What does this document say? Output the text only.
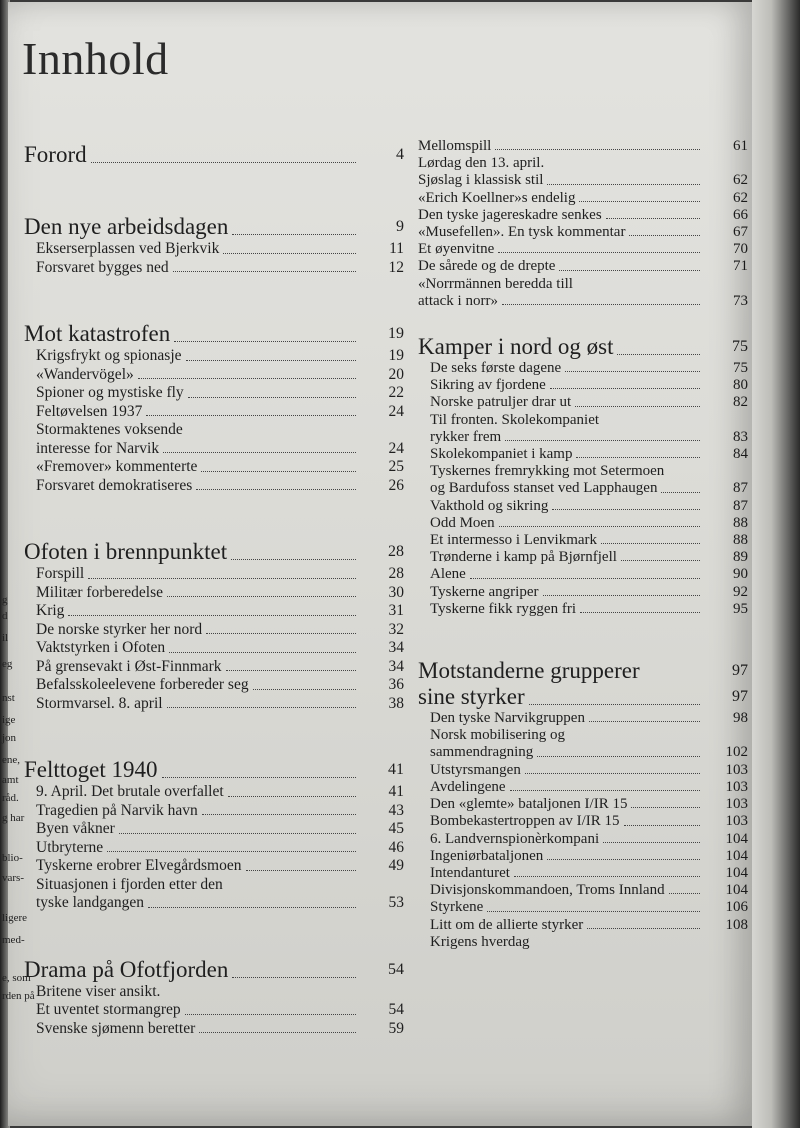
Innhold
g
d
il
eg
nst
ige
jon
ene,
amt
råd.
g har
blio-
vars-
ligere
med-
e, som
rden på
Forord	4
Den nye arbeidsdagen	9
Ekserserplassen ved Bjerkvik	11
Forsvaret bygges ned	12
Mot katastrofen	19
Krigsfrykt og spionasje	19
«Wandervögel»	20
Spioner og mystiske fly	22
Feltøvelsen 1937	24
Stormaktenes voksende
interesse for Narvik	24
«Fremover» kommenterte	25
Forsvaret demokratiseres	26
Ofoten i brennpunktet	28
Forspill	28
Militær forberedelse	30
Krig	31
De norske styrker her nord	32
Vaktstyrken i Ofoten	34
På grensevakt i Øst-Finnmark	34
Befalsskoleelevene forbereder seg	36
Stormvarsel. 8. april	38
Felttoget 1940	41
9. April. Det brutale overfallet	41
Tragedien på Narvik havn	43
Byen våkner	45
Utbryterne	46
Tyskerne erobrer Elvegårdsmoen	49
Situasjonen i fjorden etter den
tyske landgangen	53
Drama på Ofotfjorden	54
Britene viser ansikt.
Et uventet stormangrep	54
Svenske sjømenn beretter	59
Mellomspill	61
Lørdag den 13. april.
Sjøslag i klassisk stil	62
«Erich Koellner»s endelig	62
Den tyske jagereskadre senkes	66
«Musefellen». En tysk kommentar	67
Et øyenvitne	70
De sårede og de drepte	71
«Norrmännen beredda till
attack i norr»	73
Kamper i nord og øst	75
De seks første dagene	75
Sikring av fjordene	80
Norske patruljer drar ut	82
Til fronten. Skolekompaniet
rykker frem	83
Skolekompaniet i kamp	84
Tyskernes fremrykking mot Setermoen
og Bardufoss stanset ved Lapphaugen	87
Vakthold og sikring	87
Odd Moen	88
Et intermesso i Lenvikmark	88
Trønderne i kamp på Bjørnfjell	89
Alene	90
Tyskerne angriper	92
Tyskerne fikk ryggen fri	95
Motstanderne grupperer	97
sine styrker	97
Den tyske Narvikgruppen	98
Norsk mobilisering og
sammendragning	102
Utstyrsmangen	103
Avdelingene	103
Den «glemte» bataljonen I/IR 15	103
Bombekastertroppen av I/IR 15	103
6. Landvernspionèrkompani	104
Ingeniørbataljonen	104
Intendanturet	104
Divisjonskommandoen, Troms Innland	104
Styrkene	106
Litt om de allierte styrker	108
Krigens hverdag
